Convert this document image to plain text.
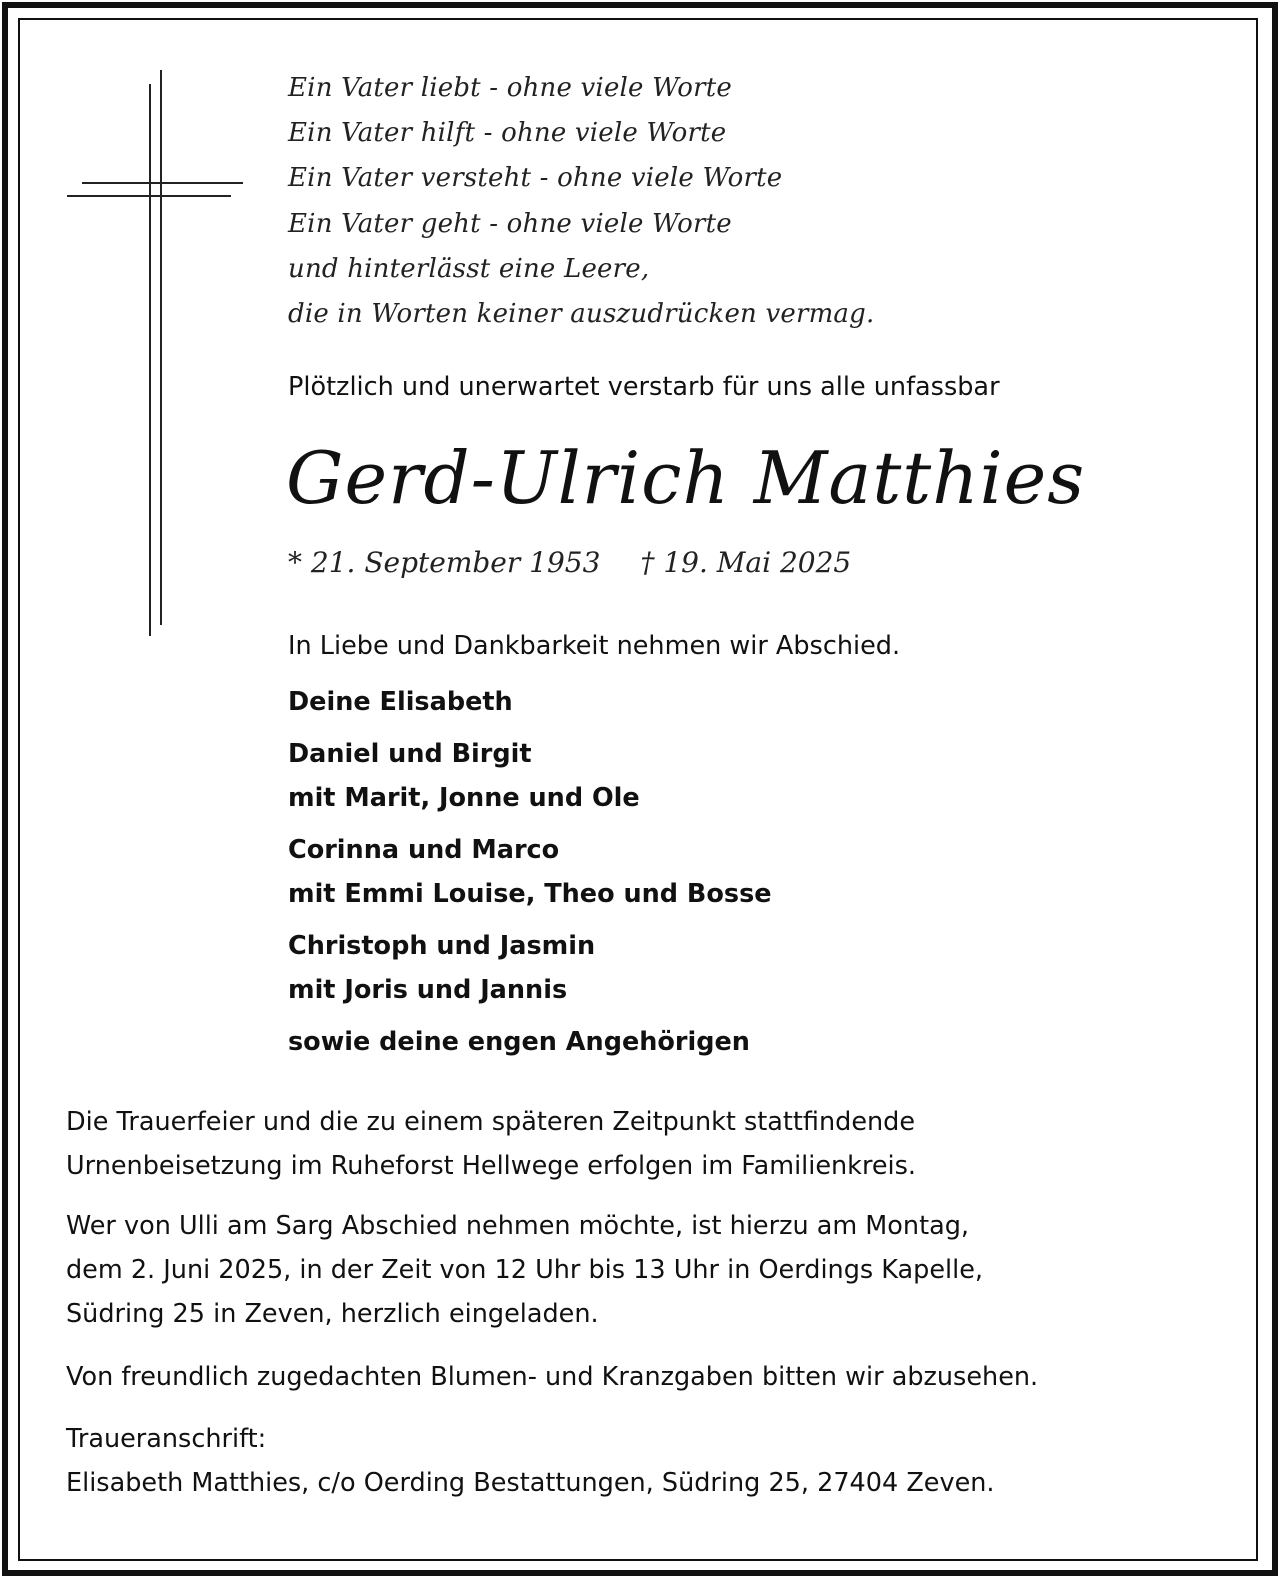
Ein Vater liebt - ohne viele Worte
Ein Vater hilft - ohne viele Worte
Ein Vater versteht - ohne viele Worte
Ein Vater geht - ohne viele Worte
und hinterlässt eine Leere,
die in Worten keiner auszudrücken vermag.
Plötzlich und unerwartet verstarb für uns alle unfassbar
Gerd-Ulrich Matthies
* 21. September 1953 † 19. Mai 2025
In Liebe und Dankbarkeit nehmen wir Abschied.
Deine Elisabeth
Daniel und Birgit
mit Marit, Jonne und Ole
Corinna und Marco
mit Emmi Louise, Theo und Bosse
Christoph und Jasmin
mit Joris und Jannis
sowie deine engen Angehörigen
Die Trauerfeier und die zu einem späteren Zeitpunkt stattfindende
Urnenbeisetzung im Ruheforst Hellwege erfolgen im Familienkreis.
Wer von Ulli am Sarg Abschied nehmen möchte, ist hierzu am Montag,
dem 2. Juni 2025, in der Zeit von 12 Uhr bis 13 Uhr in Oerdings Kapelle,
Südring 25 in Zeven, herzlich eingeladen.
Von freundlich zugedachten Blumen- und Kranzgaben bitten wir abzusehen.
Traueranschrift:
Elisabeth Matthies, c/o Oerding Bestattungen, Südring 25, 27404 Zeven.
